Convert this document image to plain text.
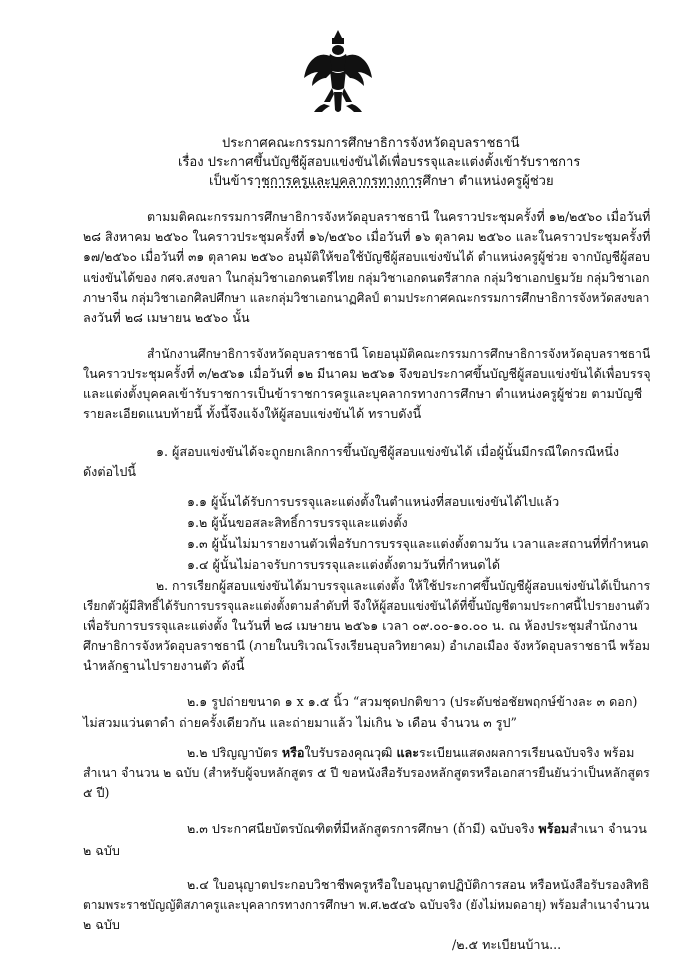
ประกาศคณะกรรมการศึกษาธิการจังหวัดอุบลราชธานี
เรื่อง ประกาศขึ้นบัญชีผู้สอบแข่งขันได้เพื่อบรรจุและแต่งตั้งเข้ารับราชการ
เป็นข้าราชการครูและบุคลากรทางการศึกษา ตำแหน่งครูผู้ช่วย
ตามมติคณะกรรมการศึกษาธิการจังหวัดอุบลราชธานี ในคราวประชุมครั้งที่ ๑๒/๒๕๖๐ เมื่อวันที่
๒๘ สิงหาคม ๒๕๖๐ ในคราวประชุมครั้งที่ ๑๖/๒๕๖๐ เมื่อวันที่ ๑๖ ตุลาคม ๒๕๖๐ และในคราวประชุมครั้งที่
๑๗/๒๕๖๐ เมื่อวันที่ ๓๑ ตุลาคม ๒๕๖๐ อนุมัติให้ขอใช้บัญชีผู้สอบแข่งขันได้ ตำแหน่งครูผู้ช่วย จากบัญชีผู้สอบ
แข่งขันได้ของ กศจ.สงขลา ในกลุ่มวิชาเอกดนตรีไทย กลุ่มวิชาเอกดนตรีสากล กลุ่มวิชาเอกปฐมวัย กลุ่มวิชาเอก
ภาษาจีน กลุ่มวิชาเอกศิลปศึกษา และกลุ่มวิชาเอกนาฏศิลป์ ตามประกาศคณะกรรมการศึกษาธิการจังหวัดสงขลา
ลงวันที่ ๒๘ เมษายน ๒๕๖๐ นั้น
สำนักงานศึกษาธิการจังหวัดอุบลราชธานี โดยอนุมัติคณะกรรมการศึกษาธิการจังหวัดอุบลราชธานี
ในคราวประชุมครั้งที่ ๓/๒๕๖๑ เมื่อวันที่ ๑๒ มีนาคม ๒๕๖๑ จึงขอประกาศขึ้นบัญชีผู้สอบแข่งขันได้เพื่อบรรจุ
และแต่งตั้งบุคคลเข้ารับราชการเป็นข้าราชการครูและบุคลากรทางการศึกษา ตำแหน่งครูผู้ช่วย ตามบัญชี
รายละเอียดแนบท้ายนี้ ทั้งนี้จึงแจ้งให้ผู้สอบแข่งขันได้ ทราบดังนี้
๑. ผู้สอบแข่งขันได้จะถูกยกเลิกการขึ้นบัญชีผู้สอบแข่งขันได้ เมื่อผู้นั้นมีกรณีใดกรณีหนึ่ง
ดังต่อไปนี้
๑.๑ ผู้นั้นได้รับการบรรจุและแต่งตั้งในตำแหน่งที่สอบแข่งขันได้ไปแล้ว
๑.๒ ผู้นั้นขอสละสิทธิ์การบรรจุและแต่งตั้ง
๑.๓ ผู้นั้นไม่มารายงานตัวเพื่อรับการบรรจุและแต่งตั้งตามวัน เวลาและสถานที่ที่กำหนด
๑.๔ ผู้นั้นไม่อาจรับการบรรจุและแต่งตั้งตามวันที่กำหนดได้
๒. การเรียกผู้สอบแข่งขันได้มาบรรจุและแต่งตั้ง ให้ใช้ประกาศขึ้นบัญชีผู้สอบแข่งขันได้เป็นการ
เรียกตัวผู้มีสิทธิ์ได้รับการบรรจุและแต่งตั้งตามลำดับที่ จึงให้ผู้สอบแข่งขันได้ที่ขึ้นบัญชีตามประกาศนี้ไปรายงานตัว
เพื่อรับการบรรจุและแต่งตั้ง ในวันที่ ๒๘ เมษายน ๒๕๖๑ เวลา ๐๙.๐๐-๑๐.๐๐ น. ณ ห้องประชุมสำนักงาน
ศึกษาธิการจังหวัดอุบลราชธานี (ภายในบริเวณโรงเรียนอุบลวิทยาคม) อำเภอเมือง จังหวัดอุบลราชธานี พร้อม
นำหลักฐานไปรายงานตัว ดังนี้
๒.๑ รูปถ่ายขนาด ๑ x ๑.๕ นิ้ว “สวมชุดปกติขาว (ประดับช่อชัยพฤกษ์ข้างละ ๓ ดอก)
ไม่สวมแว่นตาดำ ถ่ายครั้งเดียวกัน และถ่ายมาแล้ว ไม่เกิน ๖ เดือน จำนวน ๓ รูป”
๒.๒ ปริญญาบัตร หรือใบรับรองคุณวุฒิ และระเบียนแสดงผลการเรียนฉบับจริง พร้อม
สำเนา จำนวน ๒ ฉบับ (สำหรับผู้จบหลักสูตร ๕ ปี ขอหนังสือรับรองหลักสูตรหรือเอกสารยืนยันว่าเป็นหลักสูตร
๕ ปี)
๒.๓ ประกาศนียบัตรบัณฑิตที่มีหลักสูตรการศึกษา (ถ้ามี) ฉบับจริง พร้อมสำเนา จำนวน
๒ ฉบับ
๒.๔ ใบอนุญาตประกอบวิชาชีพครูหรือใบอนุญาตปฏิบัติการสอน หรือหนังสือรับรองสิทธิ
ตามพระราชบัญญัติสภาครูและบุคลากรทางการศึกษา พ.ศ.๒๕๔๖ ฉบับจริง (ยังไม่หมดอายุ) พร้อมสำเนาจำนวน
๒ ฉบับ
/๒.๕ ทะเบียนบ้าน...
